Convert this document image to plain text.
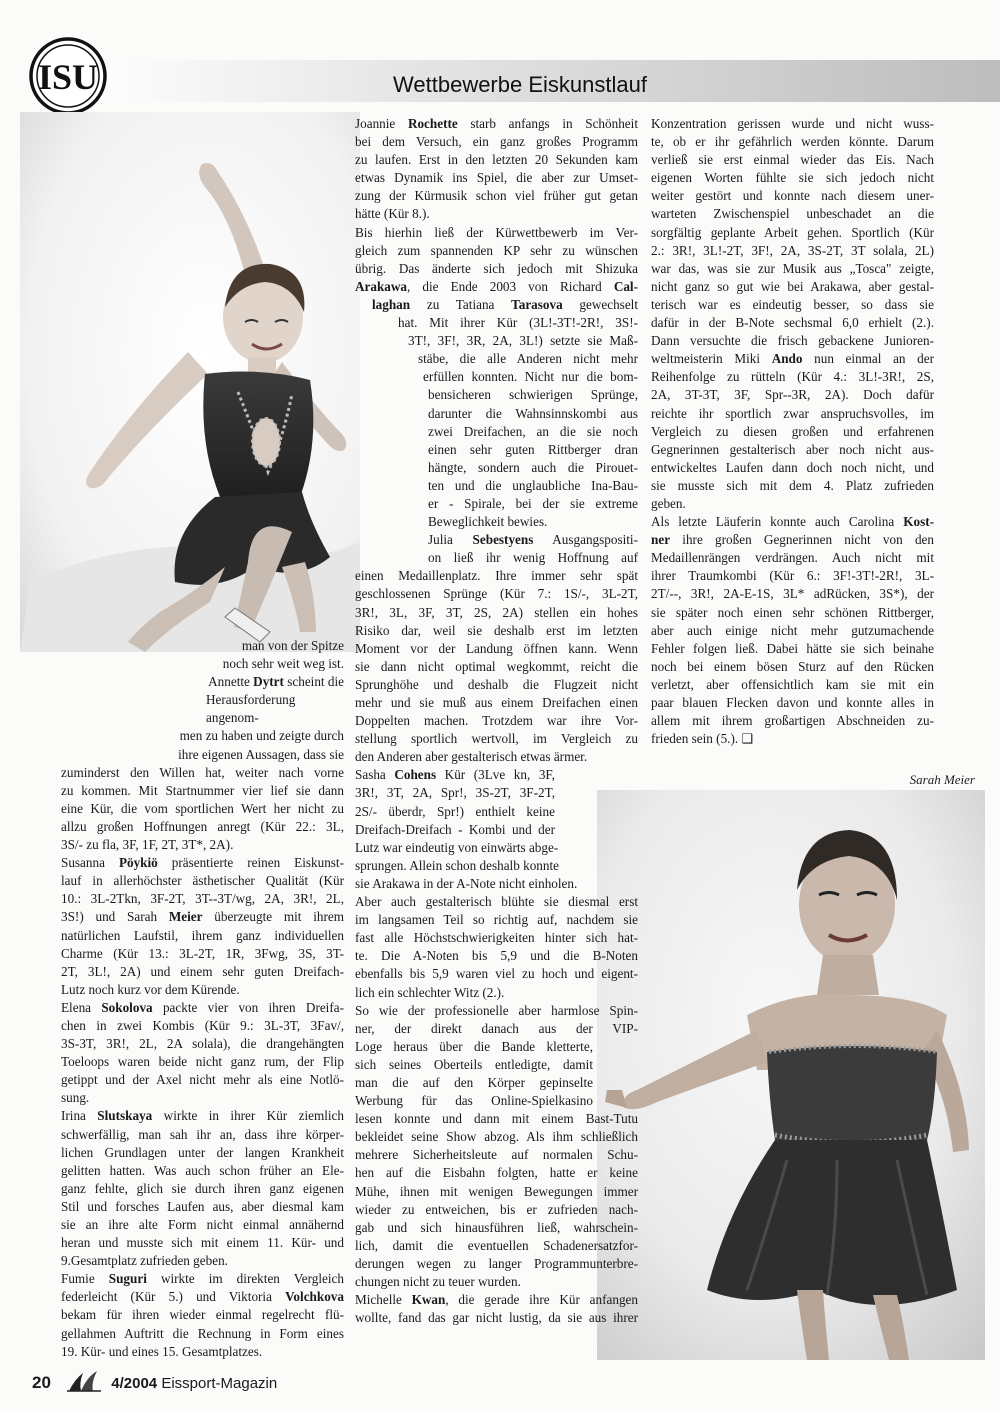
Wettbewerbe Eiskunstlauf
ISU
Sarah Meier

man von der Spitze

noch sehr weit weg ist.

Annette Dytrt scheint die

Herausforderung angenom-

men zu haben und zeigte durch

ihre eigenen Aussagen, dass sie

zuminderst den Willen hat, weiter nach vorne

zu kommen. Mit Startnummer vier lief sie dann

eine Kür, die vom sportlichen Wert her nicht zu

allzu großen Hoffnungen anregt (Kür 22.: 3L,

3S/- zu fla, 3F, 1F, 2T, 3T*, 2A).

Susanna Pöykiö präsentierte reinen Eiskunst-

lauf in allerhöchster ästhetischer Qualität (Kür

10.: 3L-2Tkn, 3F-2T, 3T--3T/wg, 2A, 3R!, 2L,

3S!) und Sarah Meier überzeugte mit ihrem

natürlichen Laufstil, ihrem ganz individuellen

Charme (Kür 13.: 3L-2T, 1R, 3Fwg, 3S, 3T-

2T, 3L!, 2A) und einem sehr guten Dreifach-

Lutz noch kurz vor dem Kürende.

Elena Sokolova packte vier von ihren Dreifa-

chen in zwei Kombis (Kür 9.: 3L-3T, 3Fav/,

3S-3T, 3R!, 2L, 2A solala), die drangehängten

Toeloops waren beide nicht ganz rum, der Flip

getippt und der Axel nicht mehr als eine Notlö-

sung.

Irina Slutskaya wirkte in ihrer Kür ziemlich

schwerfällig, man sah ihr an, dass ihre körper-

lichen Grundlagen unter der langen Krankheit

gelitten hatten. Was auch schon früher an Ele-

ganz fehlte, glich sie durch ihren ganz eigenen

Stil und forsches Laufen aus, aber diesmal kam

sie an ihre alte Form nicht einmal annähernd

heran und musste sich mit einem 11. Kür- und

9.Gesamtplatz zufrieden geben.

Fumie Suguri wirkte im direkten Vergleich

federleicht (Kür 5.) und Viktoria Volchkova

bekam für ihren wieder einmal regelrecht flü-

gellahmen Auftritt die Rechnung in Form eines

19. Kür- und eines 15. Gesamtplatzes.

Joannie Rochette starb anfangs in Schönheit

bei dem Versuch, ein ganz großes Programm

zu laufen. Erst in den letzten 20 Sekunden kam

etwas Dynamik ins Spiel, die aber zur Umset-

zung der Kürmusik schon viel früher gut getan

hätte (Kür 8.).

Bis hierhin ließ der Kürwettbewerb im Ver-

gleich zum spannenden KP sehr zu wünschen

übrig. Das änderte sich jedoch mit Shizuka

Arakawa, die Ende 2003 von Richard Cal-

laghan zu Tatiana Tarasova gewechselt

hat. Mit ihrer Kür (3L!-3T!-2R!, 3S!-

3T!, 3F!, 3R, 2A, 3L!) setzte sie Maß-

stäbe, die alle Anderen nicht mehr

erfüllen konnten. Nicht nur die bom-

bensicheren schwierigen Sprünge,

darunter die Wahnsinnskombi aus

zwei Dreifachen, an die sie noch

einen sehr guten Rittberger dran

hängte, sondern auch die Pirouet-

ten und die unglaubliche Ina-Bau-

er - Spirale, bei der sie extreme

Beweglichkeit bewies.

Julia Sebestyens Ausgangspositi-

on ließ ihr wenig Hoffnung auf

einen Medaillenplatz. Ihre immer sehr spät

geschlossenen Sprünge (Kür 7.: 1S/-, 3L-2T,

3R!, 3L, 3F, 3T, 2S, 2A) stellen ein hohes

Risiko dar, weil sie deshalb erst im letzten

Moment vor der Landung öffnen kann. Wenn

sie dann nicht optimal wegkommt, reicht die

Sprunghöhe und deshalb die Flugzeit nicht

mehr und sie muß aus einem Dreifachen einen

Doppelten machen. Trotzdem war ihre Vor-

stellung sportlich wertvoll, im Vergleich zu

den Anderen aber gestalterisch etwas ärmer.

Sasha Cohens Kür (3Lve kn, 3F,

3R!, 3T, 2A, Spr!, 3S-2T, 3F-2T,

2S/- überdr, Spr!) enthielt keine

Dreifach-Dreifach - Kombi und der

Lutz war eindeutig von einwärts abge-

sprungen. Allein schon deshalb konnte

sie Arakawa in der A-Note nicht einholen.

Aber auch gestalterisch blühte sie diesmal erst

im langsamen Teil so richtig auf, nachdem sie

fast alle Höchstschwierigkeiten hinter sich hat-

te. Die A-Noten bis 5,9 und die B-Noten

ebenfalls bis 5,9 waren viel zu hoch und eigent-

lich ein schlechter Witz (2.).

So wie der professionelle aber harmlose Spin-

ner, der direkt danach aus der VIP-

Loge heraus über die Bande kletterte,

sich seines Oberteils entledigte, damit

man die auf den Körper gepinselte

Werbung für das Online-Spielkasino

lesen konnte und dann mit einem Bast-Tutu

bekleidet seine Show abzog. Als ihm schließlich

mehrere Sicherheitsleute auf normalen Schu-

hen auf die Eisbahn folgten, hatte er keine

Mühe, ihnen mit wenigen Bewegungen immer

wieder zu entweichen, bis er zufrieden nach-

gab und sich hinausführen ließ, wahrschein-

lich, damit die eventuellen Schadenersatzfor-

derungen wegen zu langer Programmunterbre-

chungen nicht zu teuer wurden.

Michelle Kwan, die gerade ihre Kür anfangen

wollte, fand das gar nicht lustig, da sie aus ihrer

Konzentration gerissen wurde und nicht wuss-

te, ob er ihr gefährlich werden könnte. Darum

verließ sie erst einmal wieder das Eis. Nach

eigenen Worten fühlte sie sich jedoch nicht

weiter gestört und konnte nach diesem uner-

warteten Zwischenspiel unbeschadet an die

sorgfältig geplante Arbeit gehen. Sportlich (Kür

2.: 3R!, 3L!-2T, 3F!, 2A, 3S-2T, 3T solala, 2L)

war das, was sie zur Musik aus „Tosca" zeigte,

nicht ganz so gut wie bei Arakawa, aber gestal-

terisch war es eindeutig besser, so dass sie

dafür in der B-Note sechsmal 6,0 erhielt (2.).

Dann versuchte die frisch gebackene Junioren-

weltmeisterin Miki Ando nun einmal an der

Reihenfolge zu rütteln (Kür 4.: 3L!-3R!, 2S,

2A, 3T-3T, 3F, Spr--3R, 2A). Doch dafür

reichte ihr sportlich zwar anspruchsvolles, im

Vergleich zu diesen großen und erfahrenen

Gegnerinnen gestalterisch aber noch nicht aus-

entwickeltes Laufen dann doch noch nicht, und

sie musste sich mit dem 4. Platz zufrieden

geben.

Als letzte Läuferin konnte auch Carolina Kost-

ner ihre großen Gegnerinnen nicht von den

Medaillenrängen verdrängen. Auch nicht mit

ihrer Traumkombi (Kür 6.: 3F!-3T!-2R!, 3L-

2T/--, 3R!, 2A-E-1S, 3L* adRücken, 3S*), der

sie später noch einen sehr schönen Rittberger,

aber auch einige nicht mehr gutzumachende

Fehler folgen ließ. Dabei hätte sie sich beinahe

noch bei einem bösen Sturz auf den Rücken

verletzt, aber offensichtlich kam sie mit ein

paar blauen Flecken davon und konnte alles in

allem mit ihrem großartigen Abschneiden zu-

frieden sein (5.). ❑

20	4/2004 Eissport-Magazin
